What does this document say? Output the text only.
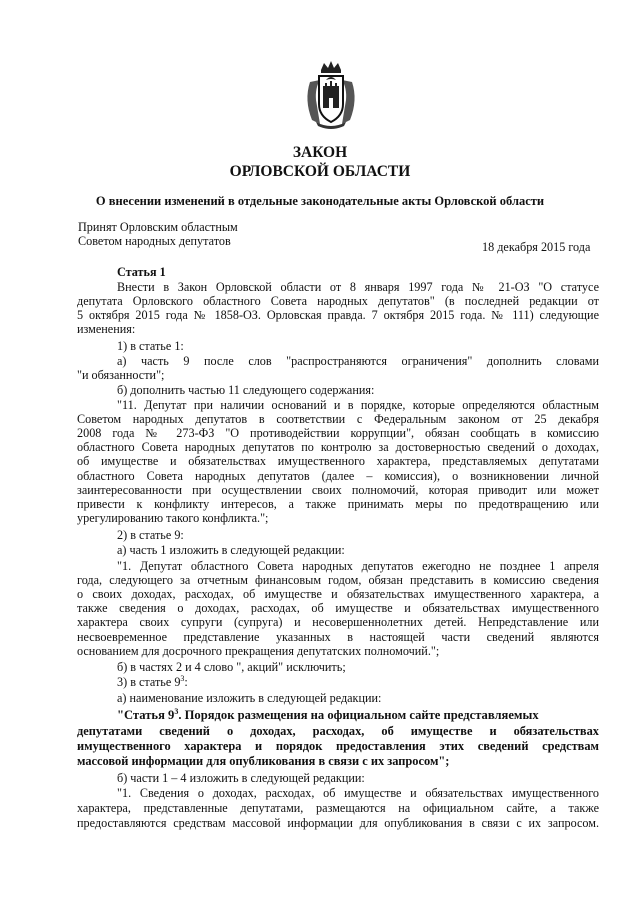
ЗАКОН
ОРЛОВСКОЙ ОБЛАСТИ
О внесении изменений в отдельные законодательные акты Орловской области
Принят Орловским областным
Советом народных депутатов	18 декабря 2015 года
Статья 1
Внести в Закон Орловской области от 8 января 1997 года № 21-ОЗ "О статусе
депутата Орловского областного Совета народных депутатов" (в последней редакции от
5 октября 2015 года № 1858-ОЗ. Орловская правда. 7 октября 2015 года. № 111) следующие
изменения:
1) в статье 1:
а) часть 9 после слов "распространяются ограничения" дополнить словами
"и обязанности";
б) дополнить частью 11 следующего содержания:
"11. Депутат при наличии оснований и в порядке, которые определяются областным
Советом народных депутатов в соответствии с Федеральным законом от 25 декабря
2008 года № 273-ФЗ "О противодействии коррупции", обязан сообщать в комиссию
областного Совета народных депутатов по контролю за достоверностью сведений о доходах,
об имуществе и обязательствах имущественного характера, представляемых депутатами
областного Совета народных депутатов (далее – комиссия), о возникновении личной
заинтересованности при осуществлении своих полномочий, которая приводит или может
привести к конфликту интересов, а также принимать меры по предотвращению или
урегулированию такого конфликта.";
2) в статье 9:
а) часть 1 изложить в следующей редакции:
"1. Депутат областного Совета народных депутатов ежегодно не позднее 1 апреля
года, следующего за отчетным финансовым годом, обязан представить в комиссию сведения
о своих доходах, расходах, об имуществе и обязательствах имущественного характера, а
также сведения о доходах, расходах, об имуществе и обязательствах имущественного
характера своих супруги (супруга) и несовершеннолетних детей. Непредставление или
несвоевременное представление указанных в настоящей части сведений являются
основанием для досрочного прекращения депутатских полномочий.";
б) в частях 2 и 4 слово ", акций" исключить;
3) в статье $9^3$:
а) наименование изложить в следующей редакции:
"Статья $9^3$. Порядок размещения на официальном сайте представляемых
депутатами сведений о доходах, расходах, об имуществе и обязательствах
имущественного характера и порядок предоставления этих сведений средствам
массовой информации для опубликования в связи с их запросом";
б) части 1 – 4 изложить в следующей редакции:
"1. Сведения о доходах, расходах, об имуществе и обязательствах имущественного
характера, представленные депутатами, размещаются на официальном сайте, а также
предоставляются средствам массовой информации для опубликования в связи с их запросом.
